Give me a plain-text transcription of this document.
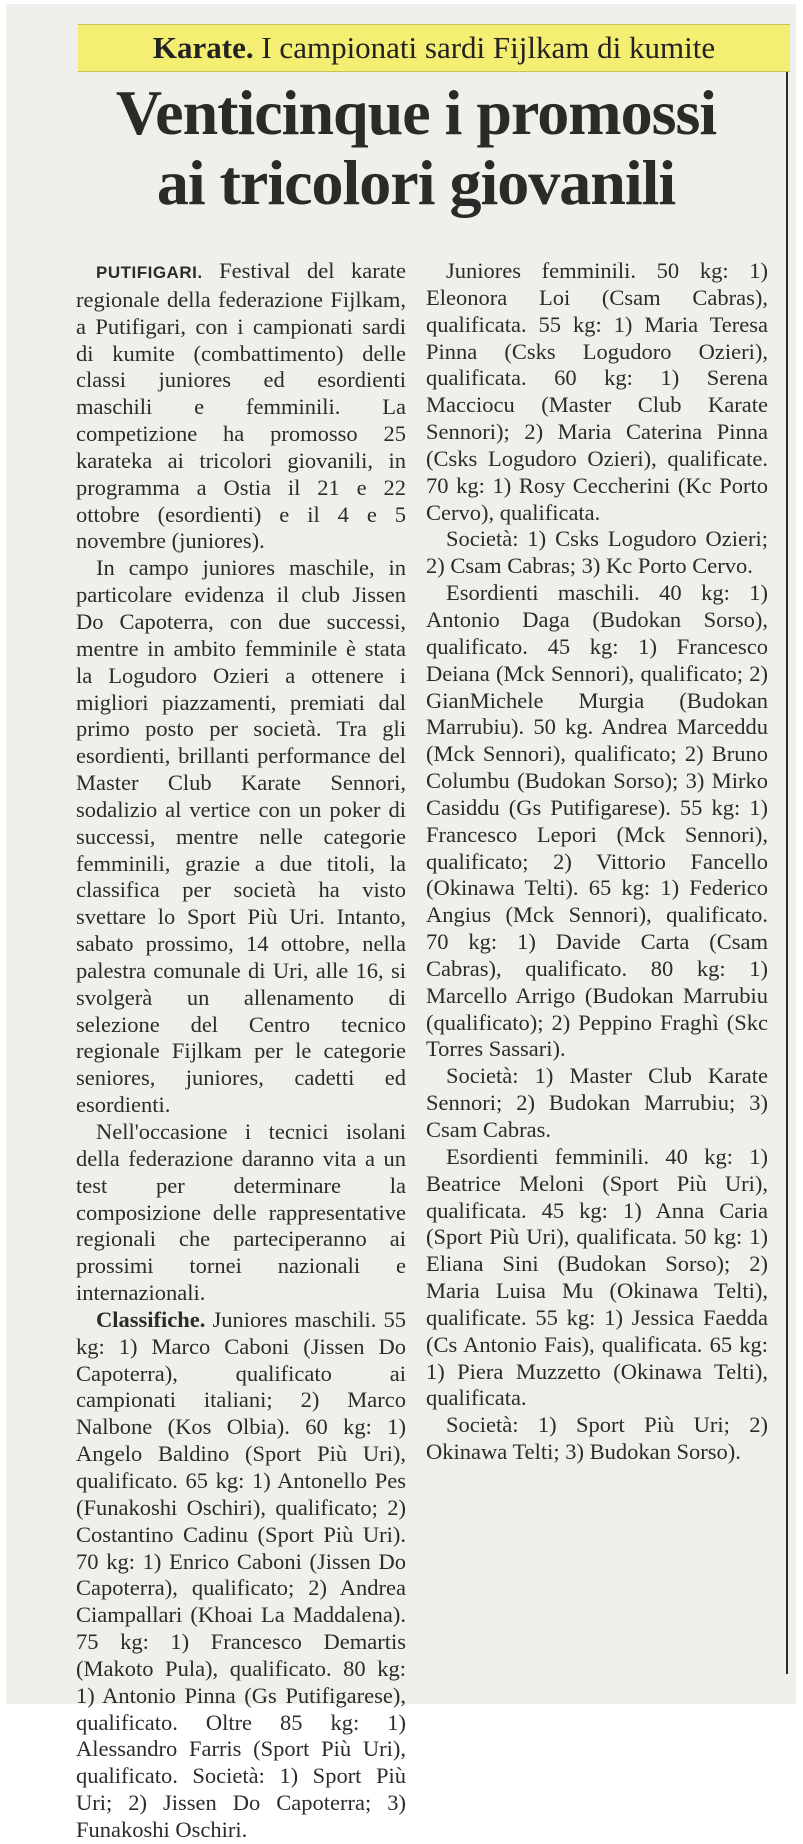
Karate. I campionati sardi Fijlkam di kumite
Venticinque i promossi
ai tricolori giovanili

PUTIFIGARI. Festival del karate regionale della federazione Fijlkam, a Putifigari, con i campionati sardi di kumite (combattimento) delle classi juniores ed esordienti maschili e femminili. La competizione ha promosso 25 karateka ai tricolori giovanili, in programma a Ostia il 21 e 22 ottobre (esordienti) e il 4 e 5 novembre (juniores).

In campo juniores maschile, in particolare evidenza il club Jissen Do Capoterra, con due successi, mentre in ambito femminile è stata la Logudoro Ozieri a ottenere i migliori piazzamenti, premiati dal primo posto per società. Tra gli esordienti, brillanti performance del Master Club Karate Sennori, sodalizio al vertice con un poker di successi, mentre nelle categorie femminili, grazie a due titoli, la classifica per società ha visto svettare lo Sport Più Uri. Intanto, sabato prossimo, 14 ottobre, nella palestra comunale di Uri, alle 16, si svolgerà un allenamento di selezione del Centro tecnico regionale Fijlkam per le categorie seniores, juniores, cadetti ed esordienti.

Nell'occasione i tecnici isolani della federazione daranno vita a un test per determinare la composizione delle rappresentative regionali che parteciperanno ai prossimi tornei nazionali e internazionali.

Classifiche. Juniores maschili. 55 kg: 1) Marco Caboni (Jissen Do Capoterra), qualificato ai campionati italiani; 2) Marco Nalbone (Kos Olbia). 60 kg: 1) Angelo Baldino (Sport Più Uri), qualificato. 65 kg: 1) Antonello Pes (Funakoshi Oschiri), qualificato; 2) Costantino Cadinu (Sport Più Uri). 70 kg: 1) Enrico Caboni (Jissen Do Capoterra), qualificato; 2) Andrea Ciampallari (Khoai La Maddalena). 75 kg: 1) Francesco Demartis (Makoto Pula), qualificato. 80 kg: 1) Antonio Pinna (Gs Putifigarese), qualificato. Oltre 85 kg: 1) Alessandro Farris (Sport Più Uri), qualificato. Società: 1) Sport Più Uri; 2) Jissen Do Capoterra; 3) Funakoshi Oschiri.

Juniores femminili. 50 kg: 1) Eleonora Loi (Csam Cabras), qualificata. 55 kg: 1) Maria Teresa Pinna (Csks Logudoro Ozieri), qualificata. 60 kg: 1) Serena Macciocu (Master Club Karate Sennori); 2) Maria Caterina Pinna (Csks Logudoro Ozieri), qualificate. 70 kg: 1) Rosy Ceccherini (Kc Porto Cervo), qualificata.

Società: 1) Csks Logudoro Ozieri; 2) Csam Cabras; 3) Kc Porto Cervo.

Esordienti maschili. 40 kg: 1) Antonio Daga (Budokan Sorso), qualificato. 45 kg: 1) Francesco Deiana (Mck Sennori), qualificato; 2) GianMichele Murgia (Budokan Marrubiu). 50 kg. Andrea Marceddu (Mck Sennori), qualificato; 2) Bruno Columbu (Budokan Sorso); 3) Mirko Casiddu (Gs Putifigarese). 55 kg: 1) Francesco Lepori (Mck Sennori), qualificato; 2) Vittorio Fancello (Okinawa Telti). 65 kg: 1) Federico Angius (Mck Sennori), qualificato. 70 kg: 1) Davide Carta (Csam Cabras), qualificato. 80 kg: 1) Marcello Arrigo (Budokan Marrubiu (qualificato); 2) Peppino Fraghì (Skc Torres Sassari).

Società: 1) Master Club Karate Sennori; 2) Budokan Marrubiu; 3) Csam Cabras.

Esordienti femminili. 40 kg: 1) Beatrice Meloni (Sport Più Uri), qualificata. 45 kg: 1) Anna Caria (Sport Più Uri), qualificata. 50 kg: 1) Eliana Sini (Budokan Sorso); 2) Maria Luisa Mu (Okinawa Telti), qualificate. 55 kg: 1) Jessica Faedda (Cs Antonio Fais), qualificata. 65 kg: 1) Piera Muzzetto (Okinawa Telti), qualificata.

Società: 1) Sport Più Uri; 2) Okinawa Telti; 3) Budokan Sorso).
